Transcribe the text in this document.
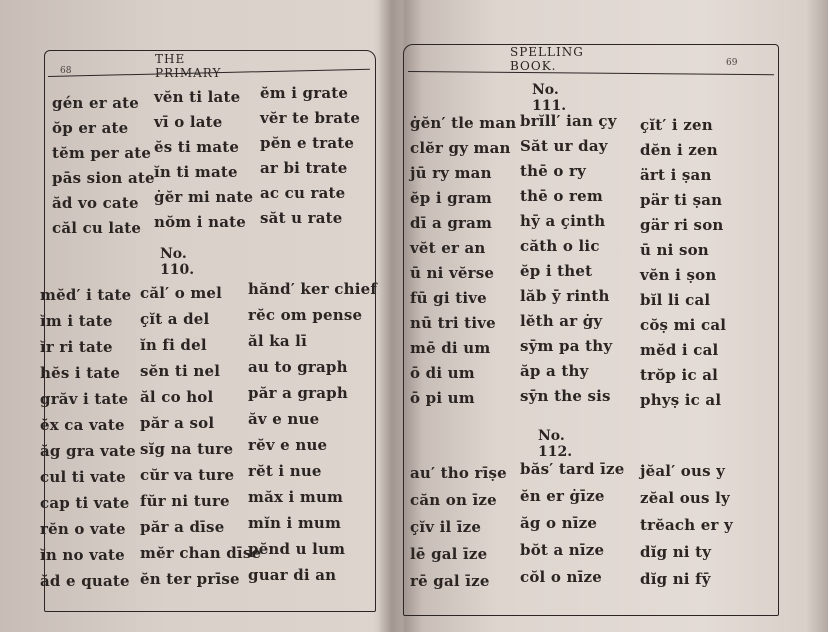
68
THE PRIMARY
gén er ate
ŏp er ate
tĕm per ate
pās sion ate
ăd vo cate
căl cu late
vĕn ti late
vī o late
ĕs ti mate
ĭn ti mate
ġĕr mi nate
nŏm i nate
ĕm i grate
vĕr te brate
pĕn e trate
ar bi trate
ac cu rate
săt u rate
No. 110.
mĕd′ i tate
ĭm i tate
ĭr ri tate
hĕs i tate
grăv i tate
ĕx ca vate
ăg gra vate
cul ti vate
cap ti vate
rĕn o vate
ĭn no vate
ăd e quate
căl′ o mel
çĭt a del
ĭn fi del
sĕn ti nel
ăl co hol
păr a sol
sĭg na ture
cŭr va ture
fŭr ni ture
păr a dīse
mĕr chan dīse
ĕn ter prīse
hănd′ ker chief
rĕc om pense
ăl ka lī
au to graph
păr a graph
ăv e nue
rĕv e nue
rĕt i nue
măx i mum
mĭn i mum
pĕnd u lum
guar di an
69
SPELLING BOOK.
No. 111.
ġĕn′ tle man
clĕr gy man
jū ry man
ĕp i gram
dī a gram
vĕt er an
ū ni vĕrse
fū gi tive
nū tri tive
mē di um
ō di um
ō pi um
brĭll′ ian çy
Săt ur day
thē o ry
thē o rem
hȳ a çinth
căth o lic
ĕp i thet
lăb ȳ rinth
lĕth ar ġy
sȳm pa thy
ăp a thy
sȳn the sis
çĭt′ i zen
dĕn i zen
ärt i ṣan
pär ti ṣan
gär ri son
ū ni son
vĕn i ṣon
bĭl li cal
cŏṣ mi cal
mĕd i cal
trŏp ic al
phyṣ ic al
No. 112.
au′ tho rīṣe
căn on īze
çĭv il īze
lē gal īze
rē gal īze
băs′ tard īze
ĕn er ġīze
ăg o nīze
bŏt a nīze
cŏl o nīze
jĕal′ ous y
zĕal ous ly
trĕach er y
dĭg ni ty
dĭg ni fȳ
